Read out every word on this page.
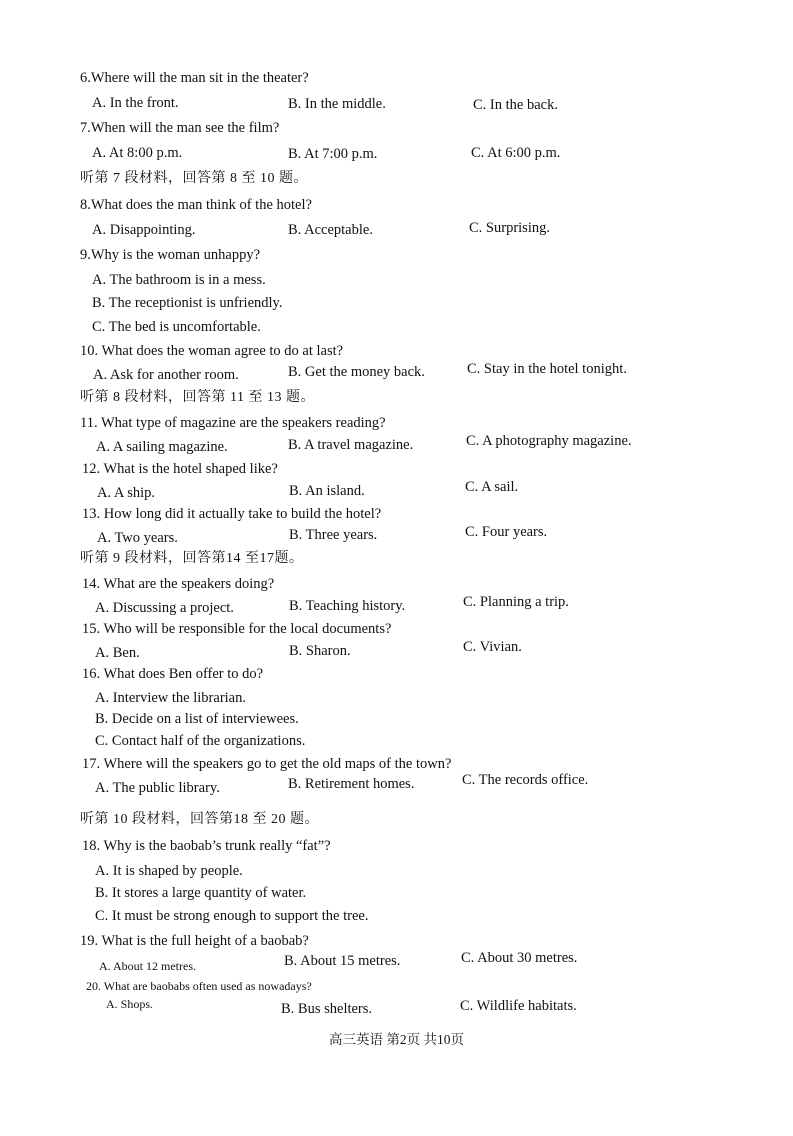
6.Where will the man sit in the theater?
A. In the front.	B. In the middle.	C. In the back.
7.When will the man see the film?
A. At 8:00 p.m.	B. At 7:00 p.m.	C. At 6:00 p.m.
听第 7 段材料，回答第 8 至 10 题。
8.What does the man think of the hotel?
A. Disappointing.	B. Acceptable.	C. Surprising.
9.Why is the woman unhappy?
A. The bathroom is in a mess.
B. The receptionist is unfriendly.
C. The bed is uncomfortable.
10. What does the woman agree to do at last?
A. Ask for another room.	B. Get the money back.	C. Stay in the hotel tonight.
听第 8 段材料，回答第 11 至 13 题。
11. What type of magazine are the speakers reading?
A. A sailing magazine.	B. A travel magazine.	C. A photography magazine.
12. What is the hotel shaped like?
A. A ship.	B. An island.	C. A sail.
13. How long did it actually take to build the hotel?
A. Two years.	B. Three years.	C. Four years.
听第 9 段材料，回答第14 至17题。
14. What are the speakers doing?
A. Discussing a project.	B. Teaching history.	C. Planning a trip.
15. Who will be responsible for the local documents?
A. Ben.	B. Sharon.	C. Vivian.
16. What does Ben offer to do?
A. Interview the librarian.
B. Decide on a list of interviewees.
C. Contact half of the organizations.
17. Where will the speakers go to get the old maps of the town?
A. The public library.	B. Retirement homes.	C. The records office.
听第 10 段材料，回答第18 至 20 题。
18. Why is the baobab’s trunk really “fat”?
A. It is shaped by people.
B. It stores a large quantity of water.
C. It must be strong enough to support the tree.
19. What is the full height of a baobab?
A. About 12 metres.	B. About 15 metres.	C. About 30 metres.
20. What are baobabs often used as nowadays?
A. Shops.	B. Bus shelters.	C. Wildlife habitats.
高三英语 第2页 共10页
